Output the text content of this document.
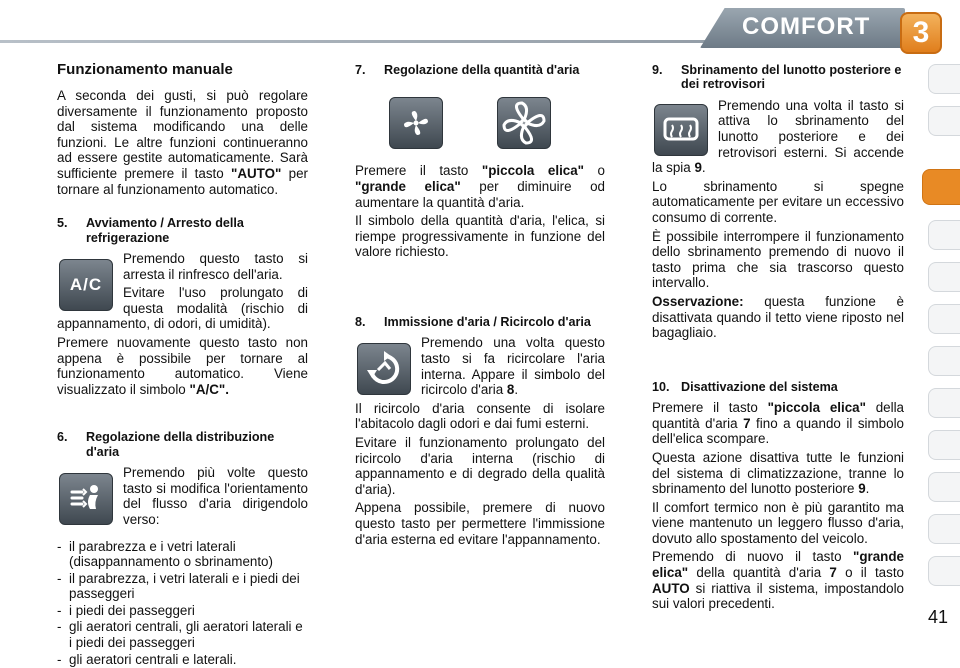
COMFORT	3
Funzionamento manuale

A seconda dei gusti, si può regolare diversamente il funzionamento proposto dal sistema modificando una delle funzioni. Le altre funzioni continueranno ad essere gestite automaticamente. Sarà sufficiente premere il tasto "AUTO" per tornare al funzionamento automatico.

5.	Avviamento / Arresto della refrigerazione
A/C

Premendo questo tasto si arresta il rinfresco dell'aria.

Evitare l'uso prolungato di questa modalità (rischio di appannamento, di odori, di umidità).

Premere nuovamente questo tasto non appena è possibile per tornare al funzionamento automatico. Viene visualizzato il simbolo "A/C".

6.	Regolazione della distribuzione d'aria

Premendo più volte questo tasto si modifica l'orientamento del flusso d'aria dirigendolo verso:

- il parabrezza e i vetri laterali (disappannamento o sbrinamento)
- il parabrezza, i vetri laterali e i piedi dei passeggeri
- i piedi dei passeggeri
- gli aeratori centrali, gli aeratori laterali e i piedi dei passeggeri
- gli aeratori centrali e laterali.
7.	Regolazione della quantità d'aria

Premere il tasto "piccola elica" o "grande elica" per diminuire od aumentare la quantità d'aria.

Il simbolo della quantità d'aria, l'elica, si riempe progressivamente in funzione del valore richiesto.

8.	Immissione d'aria / Ricircolo d'aria

Premendo una volta questo tasto si fa ricircolare l'aria interna. Appare il simbolo del ricircolo d'aria 8.

Il ricircolo d'aria consente di isolare l'abitacolo dagli odori e dai fumi esterni.

Evitare il funzionamento prolungato del ricircolo d'aria interna (rischio di appannamento e di degrado della qualità d'aria).

Appena possibile, premere di nuovo questo tasto per permettere l'immissione d'aria esterna ed evitare l'appannamento.

9.	Sbrinamento del lunotto posteriore e dei retrovisori

Premendo una volta il tasto si attiva lo sbrinamento del lunotto posteriore e dei retrovisori esterni. Si accende la spia 9.

Lo sbrinamento si spegne automaticamente per evitare un eccessivo consumo di corrente.

È possibile interrompere il funzionamento dello sbrinamento premendo di nuovo il tasto prima che sia trascorso questo intervallo.

Osservazione: questa funzione è disattivata quando il tetto viene riposto nel bagagliaio.

10. Disattivazione del sistema

Premere il tasto "piccola elica" della quantità d'aria 7 fino a quando il simbolo dell'elica scompare.

Questa azione disattiva tutte le funzioni del sistema di climatizzazione, tranne lo sbrinamento del lunotto posteriore 9.

Il comfort termico non è più garantito ma viene mantenuto un leggero flusso d'aria, dovuto allo spostamento del veicolo.

Premendo di nuovo il tasto "grande elica" della quantità d'aria 7 o il tasto AUTO si riattiva il sistema, impostandolo sui valori precedenti.

41
